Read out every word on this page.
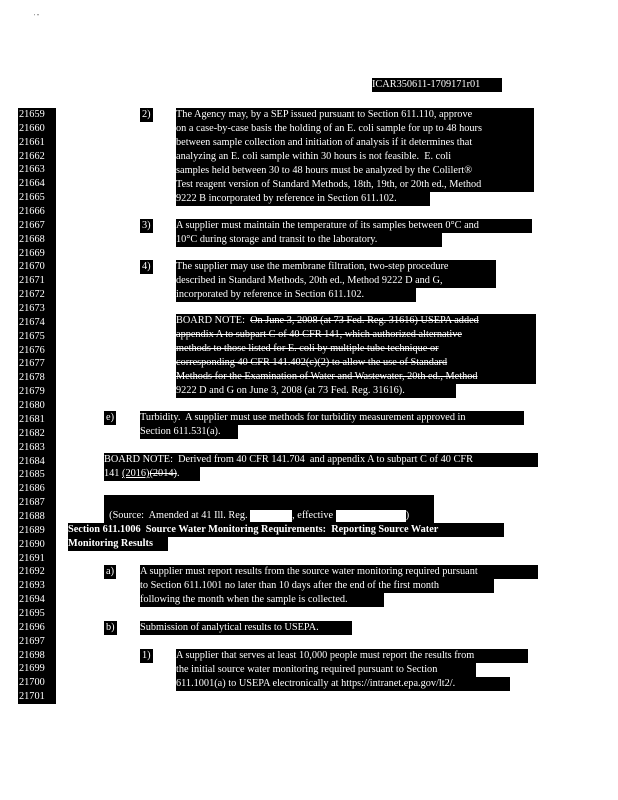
' "
ICAR350611-1709171r01
21659
21660
21661
21662
21663
21664
21665
21666
21667
21668
21669
21670
21671
21672
21673
21674
21675
21676
21677
21678
21679
21680
21681
21682
21683
21684
21685
21686
21687
21688
21689
21690
21691
21692
21693
21694
21695
21696
21697
21698
21699
21700
21701
2) The Agency may, by a SEP issued pursuant to Section 611.110, approve
on a case-by-case basis the holding of an E. coli sample for up to 48 hours
between sample collection and initiation of analysis if it determines that
analyzing an E. coli sample within 30 hours is not feasible.  E. coli
samples held between 30 to 48 hours must be analyzed by the Colilert®
Test reagent version of Standard Methods, 18th, 19th, or 20th ed., Method
9222 B incorporated by reference in Section 611.102.
3) A supplier must maintain the temperature of its samples between 0°C and
10°C during storage and transit to the laboratory.
4) The supplier may use the membrane filtration, two-step procedure
described in Standard Methods, 20th ed., Method 9222 D and G,
incorporated by reference in Section 611.102.
BOARD NOTE:  On June 3, 2008 (at 73 Fed. Reg. 31616) USEPA added
appendix A to subpart C of 40 CFR 141, which authorized alternative
methods to those listed for E. coli by multiple tube technique or
corresponding 40 CFR 141.402(c)(2) to allow the use of Standard
Methods for the Examination of Water and Wastewater, 20th ed., Method
9222 D and G on June 3, 2008 (at 73 Fed. Reg. 31616).
e)	Turbidity.  A supplier must use methods for turbidity measurement approved in
Section 611.531(a).
BOARD NOTE:  Derived from 40 CFR 141.704  and appendix A to subpart C of 40 CFR
141 (2016)(2014).

(Source:  Amended at 41 Ill. Reg.	, effective	)

Section 611.1006  Source Water Monitoring Requirements:  Reporting Source Water
Monitoring Results
a)	A supplier must report results from the source water monitoring required pursuant
to Section 611.1001 no later than 10 days after the end of the first month
following the month when the sample is collected.
b) Submission of analytical results to USEPA.
1) A supplier that serves at least 10,000 people must report the results from
the initial source water monitoring required pursuant to Section
611.1001(a) to USEPA electronically at https://intranet.epa.gov/lt2/.
